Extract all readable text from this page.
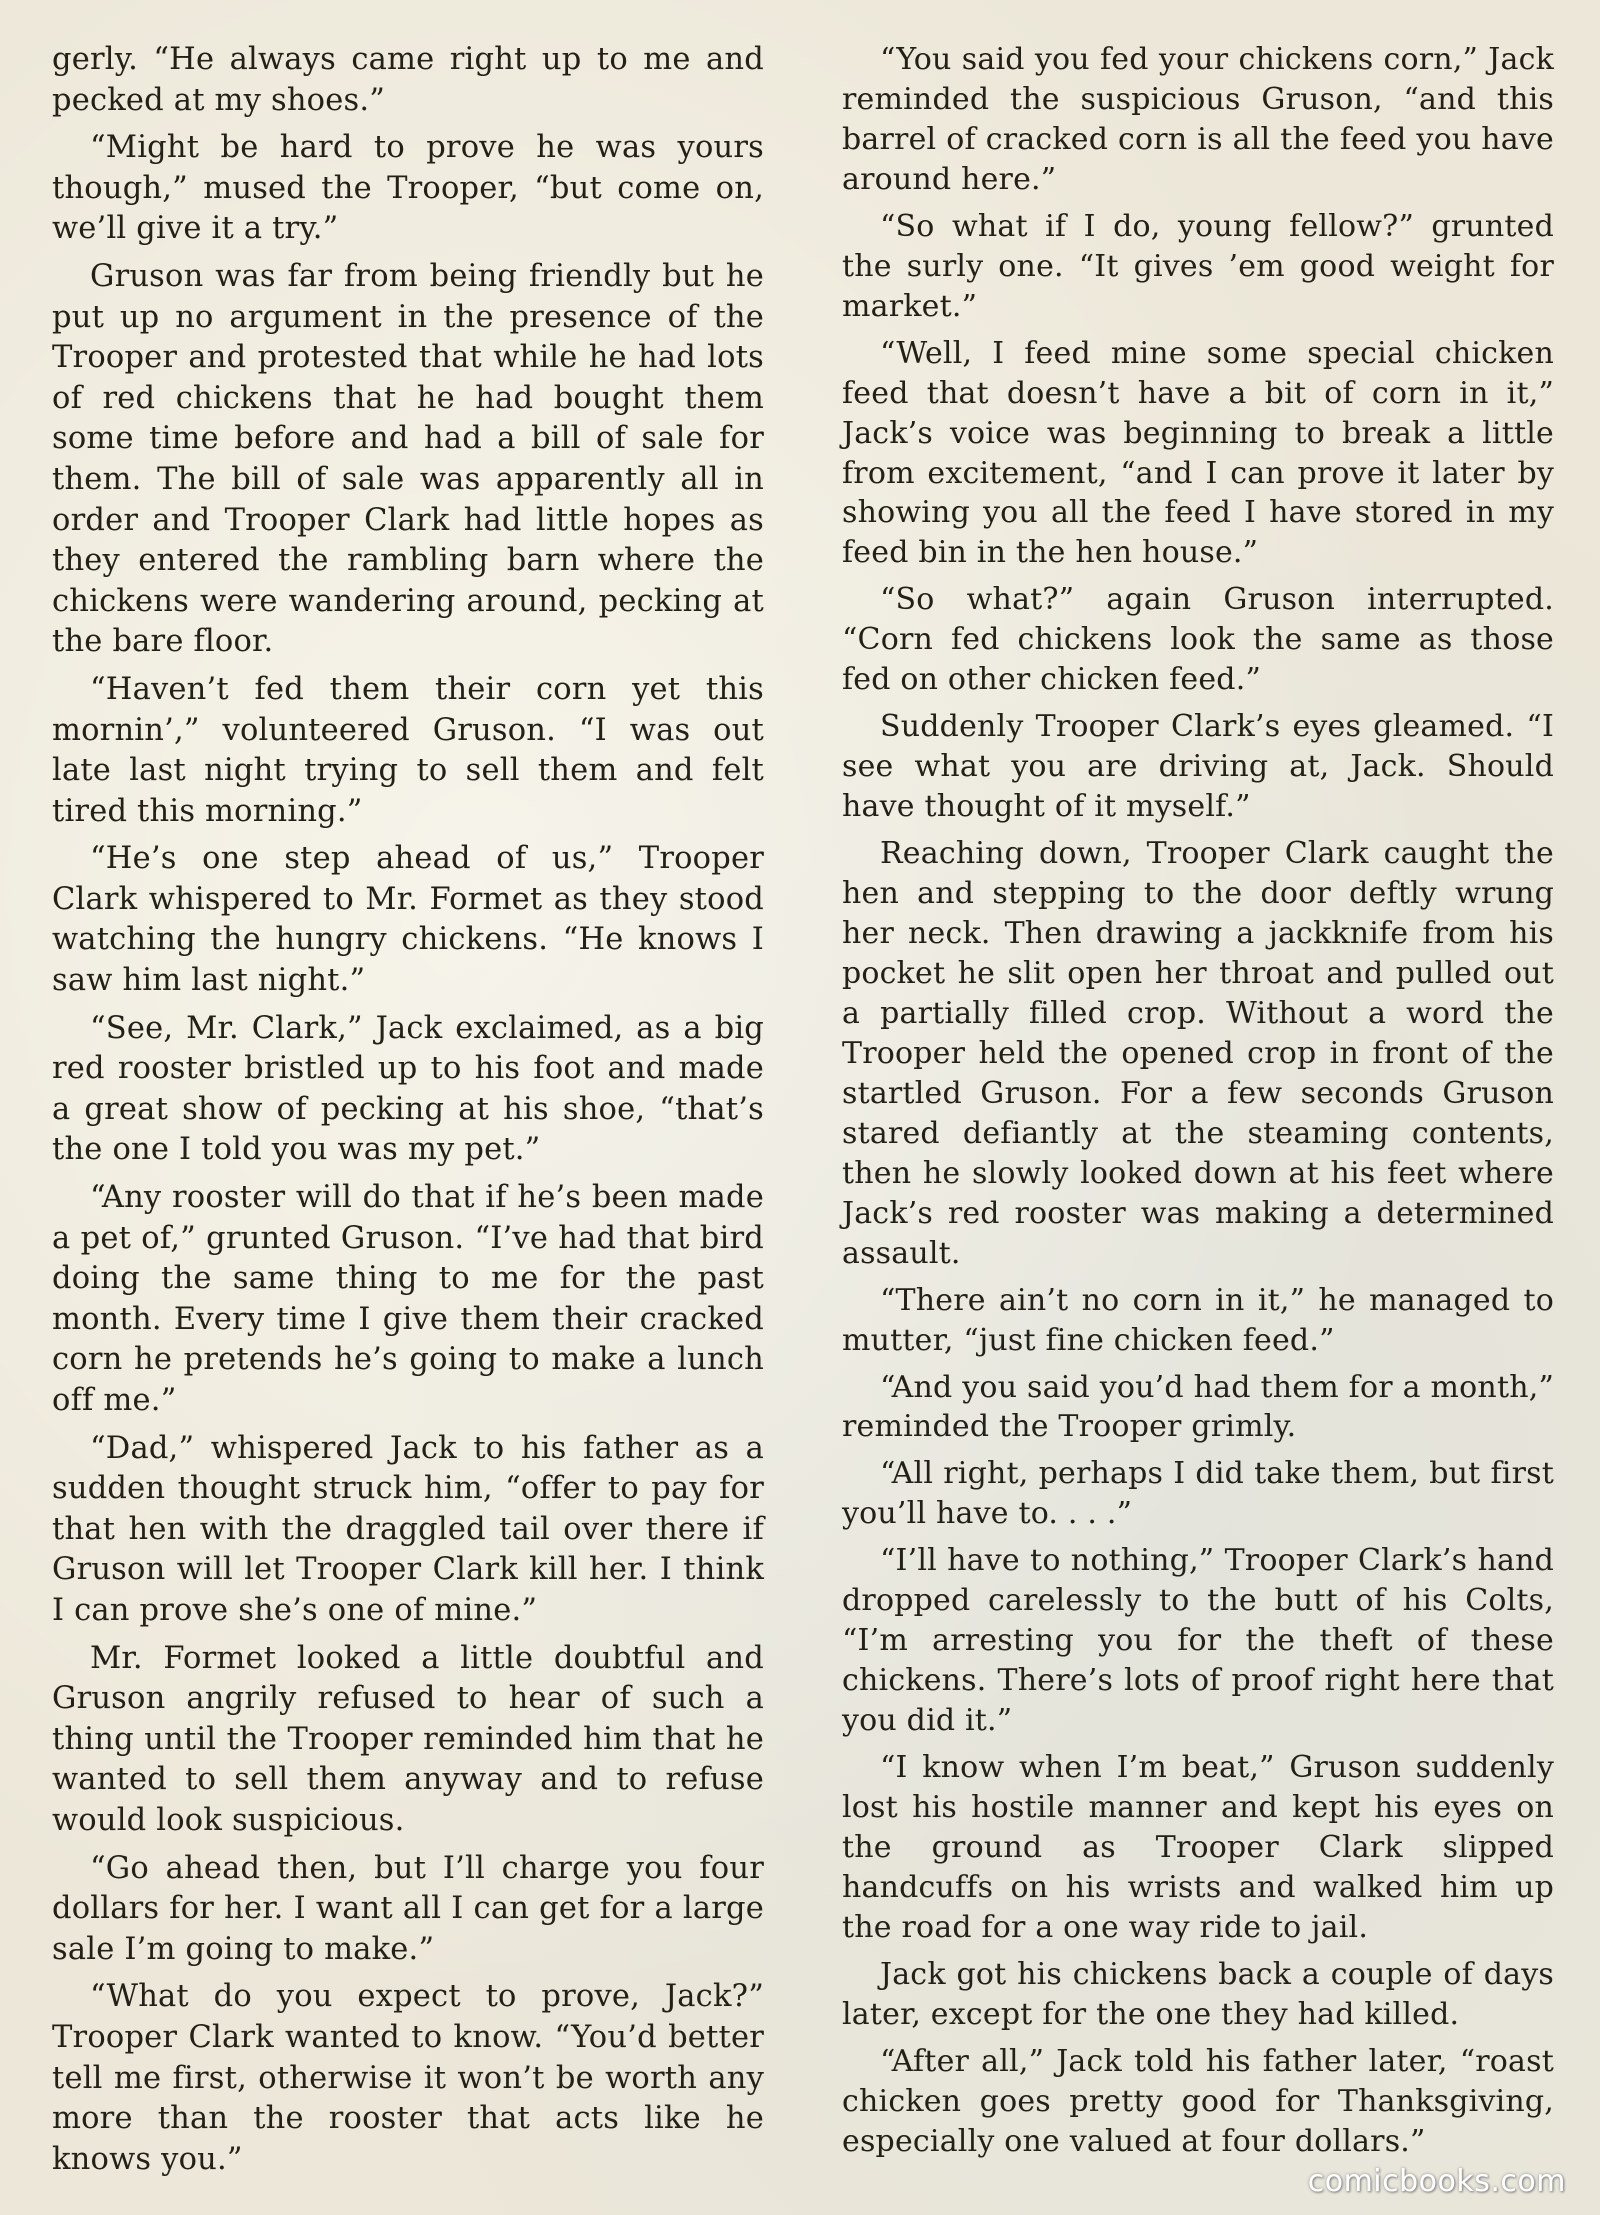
gerly. “He always came right up to me and pecked at my shoes.”

“Might be hard to prove he was yours though,” mused the Trooper, “but come on, we’ll give it a try.”

Gruson was far from being friendly but he put up no argument in the presence of the Trooper and protested that while he had lots of red chickens that he had bought them some time before and had a bill of sale for them. The bill of sale was apparently all in order and Trooper Clark had little hopes as they entered the rambling barn where the chickens were wandering around, pecking at the bare floor.

“Haven’t fed them their corn yet this mornin’,” volunteered Gruson. “I was out late last night trying to sell them and felt tired this morning.”

“He’s one step ahead of us,” Trooper Clark whispered to Mr. Formet as they stood watching the hungry chickens. “He knows I saw him last night.”

“See, Mr. Clark,” Jack exclaimed, as a big red rooster bristled up to his foot and made a great show of pecking at his shoe, “that’s the one I told you was my pet.”

“Any rooster will do that if he’s been made a pet of,” grunted Gruson. “I’ve had that bird doing the same thing to me for the past month. Every time I give them their cracked corn he pretends he’s going to make a lunch off me.”

“Dad,” whispered Jack to his father as a sudden thought struck him, “offer to pay for that hen with the draggled tail over there if Gruson will let Trooper Clark kill her. I think I can prove she’s one of mine.”

Mr. Formet looked a little doubtful and Gruson angrily refused to hear of such a thing until the Trooper reminded him that he wanted to sell them anyway and to refuse would look suspicious.

“Go ahead then, but I’ll charge you four dollars for her. I want all I can get for a large sale I’m going to make.”

“What do you expect to prove, Jack?” Trooper Clark wanted to know. “You’d better tell me first, otherwise it won’t be worth any more than the rooster that acts like he knows you.”

“You said you fed your chickens corn,” Jack reminded the suspicious Gruson, “and this barrel of cracked corn is all the feed you have around here.”

“So what if I do, young fellow?” grunted the surly one. “It gives ’em good weight for market.”

“Well, I feed mine some special chicken feed that doesn’t have a bit of corn in it,” Jack’s voice was beginning to break a little from excitement, “and I can prove it later by showing you all the feed I have stored in my feed bin in the hen house.”

“So what?” again Gruson interrupted. “Corn fed chickens look the same as those fed on other chicken feed.”

Suddenly Trooper Clark’s eyes gleamed. “I see what you are driving at, Jack. Should have thought of it myself.”

Reaching down, Trooper Clark caught the hen and stepping to the door deftly wrung her neck. Then drawing a jackknife from his pocket he slit open her throat and pulled out a partially filled crop. Without a word the Trooper held the opened crop in front of the startled Gruson. For a few seconds Gruson stared defiantly at the steaming contents, then he slowly looked down at his feet where Jack’s red rooster was making a determined assault.

“There ain’t no corn in it,” he managed to mutter, “just fine chicken feed.”

“And you said you’d had them for a month,” reminded the Trooper grimly.

“All right, perhaps I did take them, but first you’ll have to. . . .”

“I’ll have to nothing,” Trooper Clark’s hand dropped carelessly to the butt of his Colts, “I’m arresting you for the theft of these chickens. There’s lots of proof right here that you did it.”

“I know when I’m beat,” Gruson suddenly lost his hostile manner and kept his eyes on the ground as Trooper Clark slipped handcuffs on his wrists and walked him up the road for a one way ride to jail.

Jack got his chickens back a couple of days later, except for the one they had killed.

“After all,” Jack told his father later, “roast chicken goes pretty good for Thanksgiving, especially one valued at four dollars.”

comicbooks.com
